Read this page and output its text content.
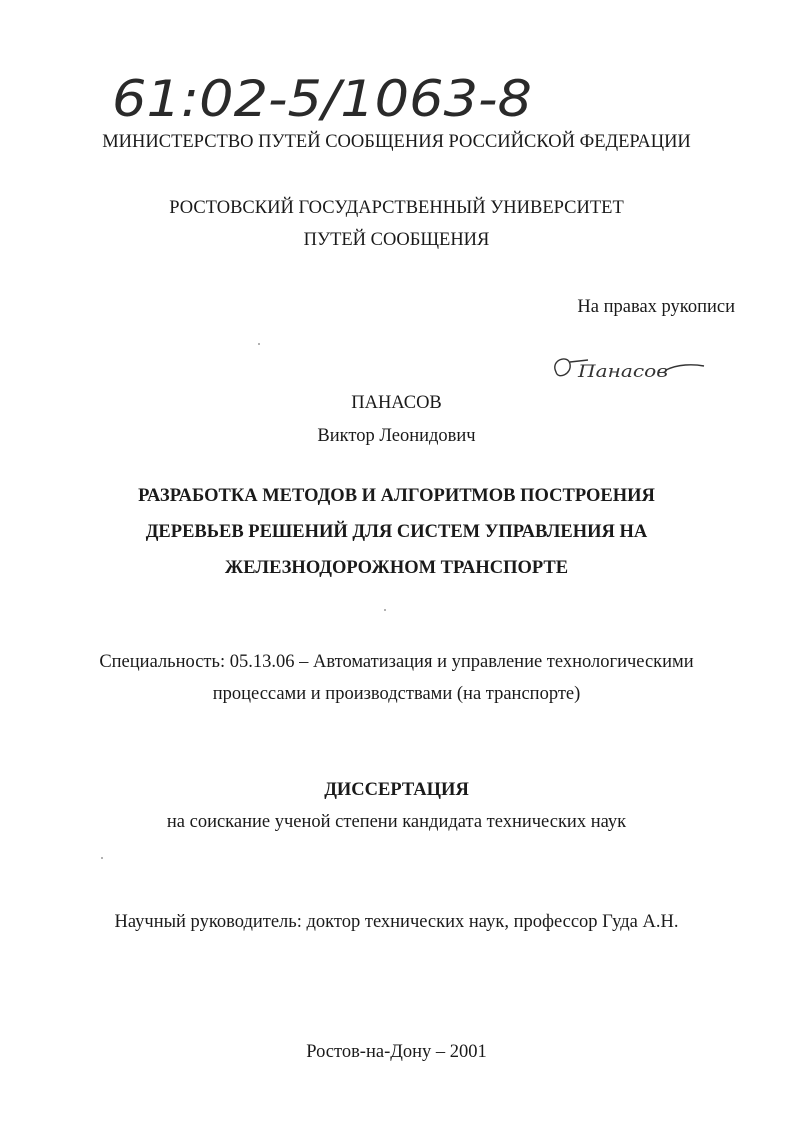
61:02-5/1063-8
МИНИСТЕРСТВО ПУТЕЙ СООБЩЕНИЯ РОССИЙСКОЙ ФЕДЕРАЦИИ
РОСТОВСКИЙ ГОСУДАРСТВЕННЫЙ УНИВЕРСИТЕТ
ПУТЕЙ СООБЩЕНИЯ
На правах рукописи
Панасов
ПАНАСОВ
Виктор Леонидович
РАЗРАБОТКА МЕТОДОВ И АЛГОРИТМОВ ПОСТРОЕНИЯ
ДЕРЕВЬЕВ РЕШЕНИЙ ДЛЯ СИСТЕМ УПРАВЛЕНИЯ НА
ЖЕЛЕЗНОДОРОЖНОМ ТРАНСПОРТЕ
Специальность: 05.13.06 – Автоматизация и управление технологическими
процессами и производствами (на транспорте)
ДИССЕРТАЦИЯ
на соискание ученой степени кандидата технических наук
Научный руководитель: доктор технических наук, профессор Гуда А.Н.
Ростов-на-Дону – 2001
